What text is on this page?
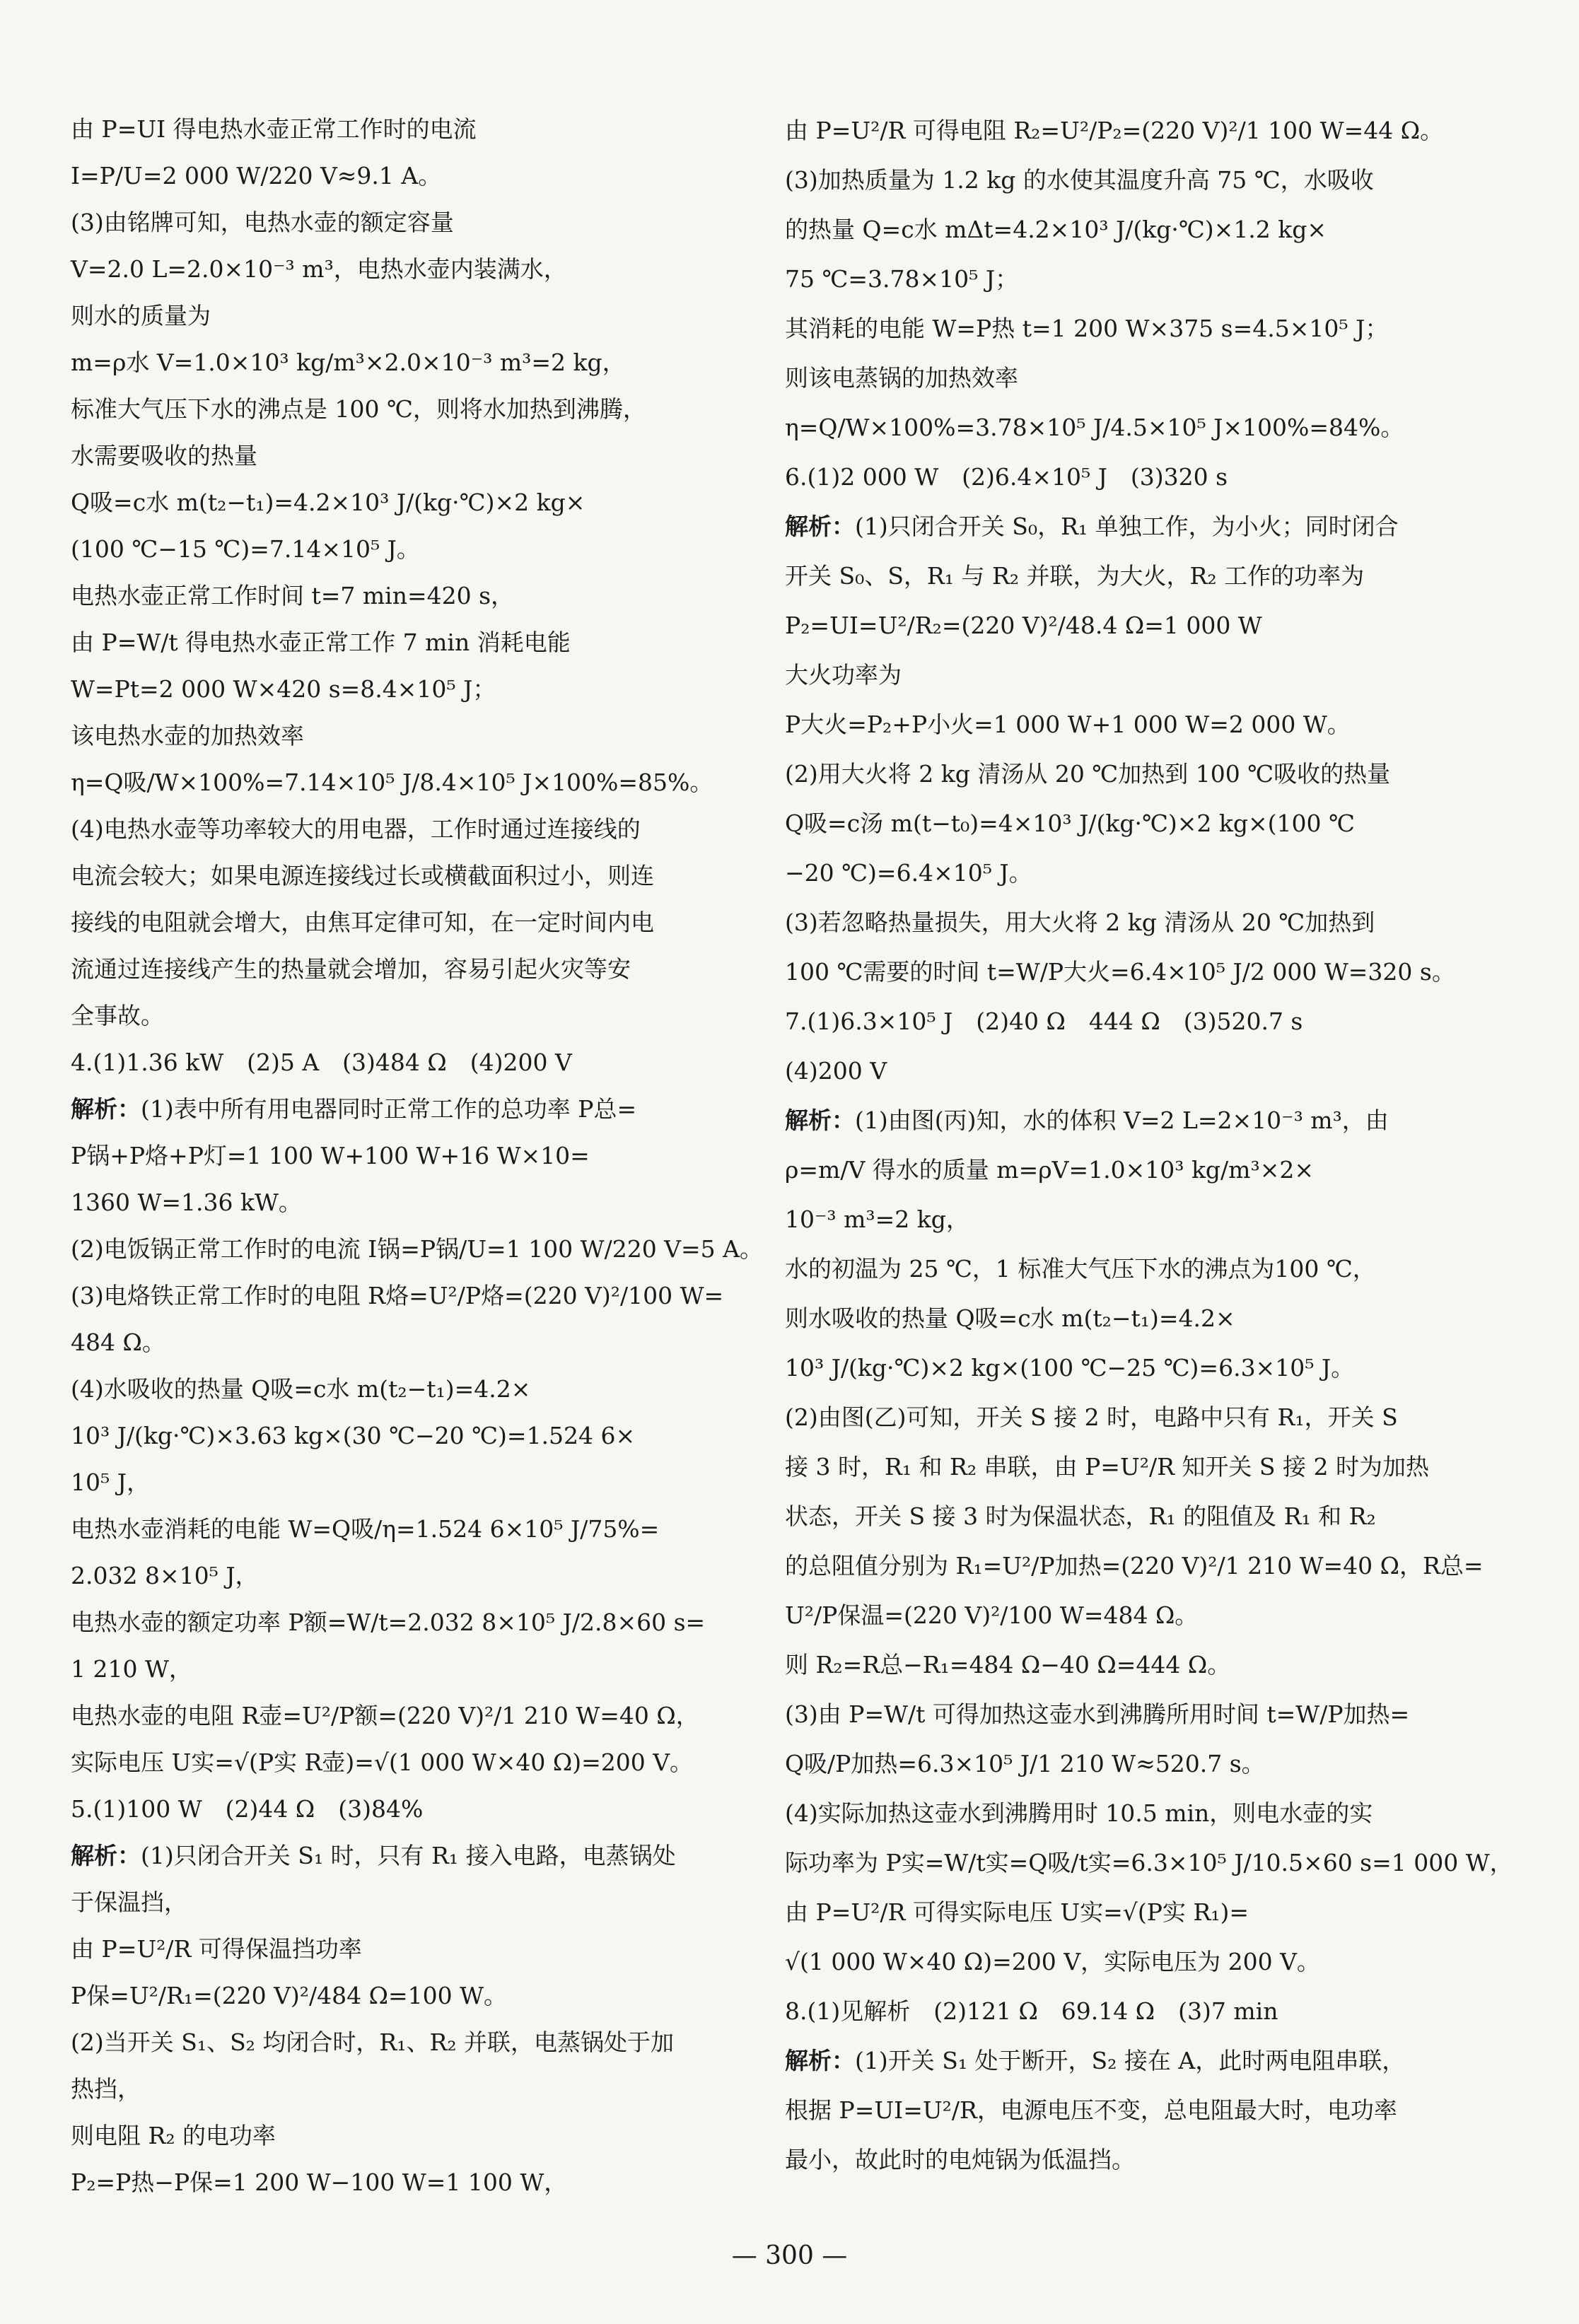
由 P=UI 得电热水壶正常工作时的电流
I=P/U=2 000 W/220 V≈9.1 A。
(3)由铭牌可知，电热水壶的额定容量
V=2.0 L=2.0×10⁻³ m³，电热水壶内装满水，
则水的质量为
m=ρ水 V=1.0×10³ kg/m³×2.0×10⁻³ m³=2 kg，
标准大气压下水的沸点是 100 ℃，则将水加热到沸腾，
水需要吸收的热量
Q吸=c水 m(t₂−t₁)=4.2×10³ J/(kg·℃)×2 kg×
(100 ℃−15 ℃)=7.14×10⁵ J。
电热水壶正常工作时间 t=7 min=420 s，
由 P=W/t 得电热水壶正常工作 7 min 消耗电能
W=Pt=2 000 W×420 s=8.4×10⁵ J；
该电热水壶的加热效率
η=Q吸/W×100%=7.14×10⁵ J/8.4×10⁵ J×100%=85%。
(4)电热水壶等功率较大的用电器，工作时通过连接线的
电流会较大；如果电源连接线过长或横截面积过小，则连
接线的电阻就会增大，由焦耳定律可知，在一定时间内电
流通过连接线产生的热量就会增加，容易引起火灾等安
全事故。
4.(1)1.36 kW　(2)5 A　(3)484 Ω　(4)200 V
解析： (1)表中所有用电器同时正常工作的总功率 P总=
P锅+P烙+P灯=1 100 W+100 W+16 W×10=
1360 W=1.36 kW。
(2)电饭锅正常工作时的电流 I锅=P锅/U=1 100 W/220 V=5 A。
(3)电烙铁正常工作时的电阻 R烙=U²/P烙=(220 V)²/100 W=
484 Ω。
(4)水吸收的热量 Q吸=c水 m(t₂−t₁)=4.2×
10³ J/(kg·℃)×3.63 kg×(30 ℃−20 ℃)=1.524 6×
10⁵ J，
电热水壶消耗的电能 W=Q吸/η=1.524 6×10⁵ J/75%=
2.032 8×10⁵ J，
电热水壶的额定功率 P额=W/t=2.032 8×10⁵ J/2.8×60 s=
1 210 W，
电热水壶的电阻 R壶=U²/P额=(220 V)²/1 210 W=40 Ω，
实际电压 U实=√(P实 R壶)=√(1 000 W×40 Ω)=200 V。
5.(1)100 W　(2)44 Ω　(3)84%
解析： (1)只闭合开关 S₁ 时，只有 R₁ 接入电路，电蒸锅处
于保温挡，
由 P=U²/R 可得保温挡功率
P保=U²/R₁=(220 V)²/484 Ω=100 W。
(2)当开关 S₁、S₂ 均闭合时，R₁、R₂ 并联，电蒸锅处于加
热挡，
则电阻 R₂ 的电功率
P₂=P热−P保=1 200 W−100 W=1 100 W，
由 P=U²/R 可得电阻 R₂=U²/P₂=(220 V)²/1 100 W=44 Ω。
(3)加热质量为 1.2 kg 的水使其温度升高 75 ℃，水吸收
的热量 Q=c水 mΔt=4.2×10³ J/(kg·℃)×1.2 kg×
75 ℃=3.78×10⁵ J；
其消耗的电能 W=P热 t=1 200 W×375 s=4.5×10⁵ J；
则该电蒸锅的加热效率
η=Q/W×100%=3.78×10⁵ J/4.5×10⁵ J×100%=84%。
6.(1)2 000 W　(2)6.4×10⁵ J　(3)320 s
解析： (1)只闭合开关 S₀，R₁ 单独工作，为小火；同时闭合
开关 S₀、S，R₁ 与 R₂ 并联，为大火，R₂ 工作的功率为
P₂=UI=U²/R₂=(220 V)²/48.4 Ω=1 000 W
大火功率为
P大火=P₂+P小火=1 000 W+1 000 W=2 000 W。
(2)用大火将 2 kg 清汤从 20 ℃加热到 100 ℃吸收的热量
Q吸=c汤 m(t−t₀)=4×10³ J/(kg·℃)×2 kg×(100 ℃
−20 ℃)=6.4×10⁵ J。
(3)若忽略热量损失，用大火将 2 kg 清汤从 20 ℃加热到
100 ℃需要的时间 t=W/P大火=6.4×10⁵ J/2 000 W=320 s。
7.(1)6.3×10⁵ J　(2)40 Ω　444 Ω　(3)520.7 s
(4)200 V
解析： (1)由图(丙)知，水的体积 V=2 L=2×10⁻³ m³，由
ρ=m/V 得水的质量 m=ρV=1.0×10³ kg/m³×2×
10⁻³ m³=2 kg，
水的初温为 25 ℃，1 标准大气压下水的沸点为100 ℃，
则水吸收的热量 Q吸=c水 m(t₂−t₁)=4.2×
10³ J/(kg·℃)×2 kg×(100 ℃−25 ℃)=6.3×10⁵ J。
(2)由图(乙)可知，开关 S 接 2 时，电路中只有 R₁，开关 S
接 3 时，R₁ 和 R₂ 串联，由 P=U²/R 知开关 S 接 2 时为加热
状态，开关 S 接 3 时为保温状态，R₁ 的阻值及 R₁ 和 R₂
的总阻值分别为 R₁=U²/P加热=(220 V)²/1 210 W=40 Ω，R总=
U²/P保温=(220 V)²/100 W=484 Ω。
则 R₂=R总−R₁=484 Ω−40 Ω=444 Ω。
(3)由 P=W/t 可得加热这壶水到沸腾所用时间 t=W/P加热=
Q吸/P加热=6.3×10⁵ J/1 210 W≈520.7 s。
(4)实际加热这壶水到沸腾用时 10.5 min，则电水壶的实
际功率为 P实=W/t实=Q吸/t实=6.3×10⁵ J/10.5×60 s=1 000 W，
由 P=U²/R 可得实际电压 U实=√(P实 R₁)=
√(1 000 W×40 Ω)=200 V，实际电压为 200 V。
8.(1)见解析　(2)121 Ω　69.14 Ω　(3)7 min
解析： (1)开关 S₁ 处于断开，S₂ 接在 A，此时两电阻串联，
根据 P=UI=U²/R，电源电压不变，总电阻最大时，电功率
最小，故此时的电炖锅为低温挡。
— 300 —
